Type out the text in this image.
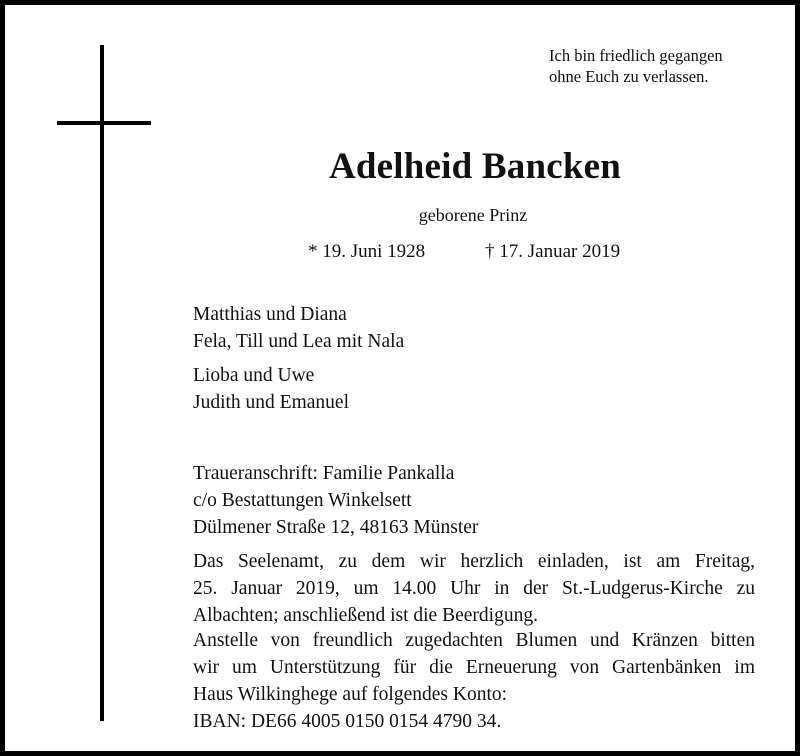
Ich bin friedlich gegangen
ohne Euch zu verlassen.
Adelheid Bancken
geborene Prinz
* 19. Juni 1928	† 17. Januar 2019
Matthias und Diana
Fela, Till und Lea mit Nala
Lioba und Uwe
Judith und Emanuel
Traueranschrift: Familie Pankalla
c/o Bestattungen Winkelsett
Dülmener Straße 12, 48163 Münster
Das Seelenamt, zu dem wir herzlich einladen, ist am Freitag,
25. Januar 2019, um 14.00 Uhr in der St.-Ludgerus-Kirche zu
Albachten; anschließend ist die Beerdigung.
Anstelle von freundlich zugedachten Blumen und Kränzen bitten
wir um Unterstützung für die Erneuerung von Gartenbänken im
Haus Wilkinghege auf folgendes Konto:
IBAN: DE66 4005 0150 0154 4790 34.
